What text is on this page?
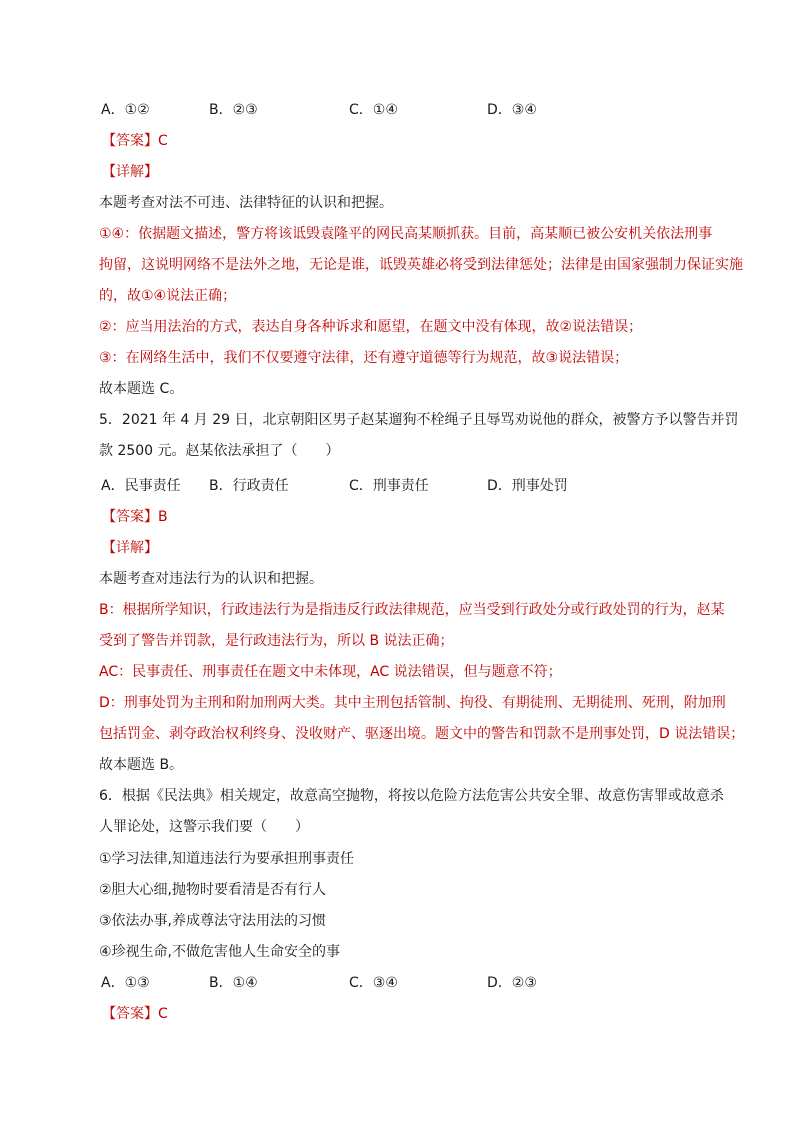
A．①②	B．②③	C．①④	D．③④
【答案】C
【详解】
本题考查对法不可违、法律特征的认识和把握。
①④：依据题文描述，警方将该诋毁袁隆平的网民高某顺抓获。目前，高某顺已被公安机关依法刑事
拘留，这说明网络不是法外之地，无论是谁，诋毁英雄必将受到法律惩处；法律是由国家强制力保证实施
的，故①④说法正确；
②：应当用法治的方式，表达自身各种诉求和愿望，在题文中没有体现，故②说法错误；
③：在网络生活中，我们不仅要遵守法律，还有遵守道德等行为规范，故③说法错误；
故本题选 C。
5．2021 年 4 月 29 日，北京朝阳区男子赵某遛狗不栓绳子且辱骂劝说他的群众，被警方予以警告并罚
款 2500 元。赵某依法承担了（　　）
A．民事责任 B．行政责任	C．刑事责任	D．刑事处罚
【答案】B
【详解】
本题考查对违法行为的认识和把握。
B：根据所学知识，行政违法行为是指违反行政法律规范，应当受到行政处分或行政处罚的行为，赵某
受到了警告并罚款，是行政违法行为，所以 B 说法正确；
AC：民事责任、刑事责任在题文中未体现，AC 说法错误，但与题意不符；
D：刑事处罚为主刑和附加刑两大类。其中主刑包括管制、拘役、有期徒刑、无期徒刑、死刑，附加刑
包括罚金、剥夺政治权利终身、没收财产、驱逐出境。题文中的警告和罚款不是刑事处罚，D 说法错误；
故本题选 B。
6．根据《民法典》相关规定，故意高空抛物，将按以危险方法危害公共安全罪、故意伤害罪或故意杀
人罪论处，这警示我们要（　　）
①学习法律,知道违法行为要承担刑事责任
②胆大心细,抛物时要看清是否有行人
③依法办事,养成尊法守法用法的习惯
④珍视生命,不做危害他人生命安全的事
A．①③	B．①④	C．③④	D．②③
【答案】C
